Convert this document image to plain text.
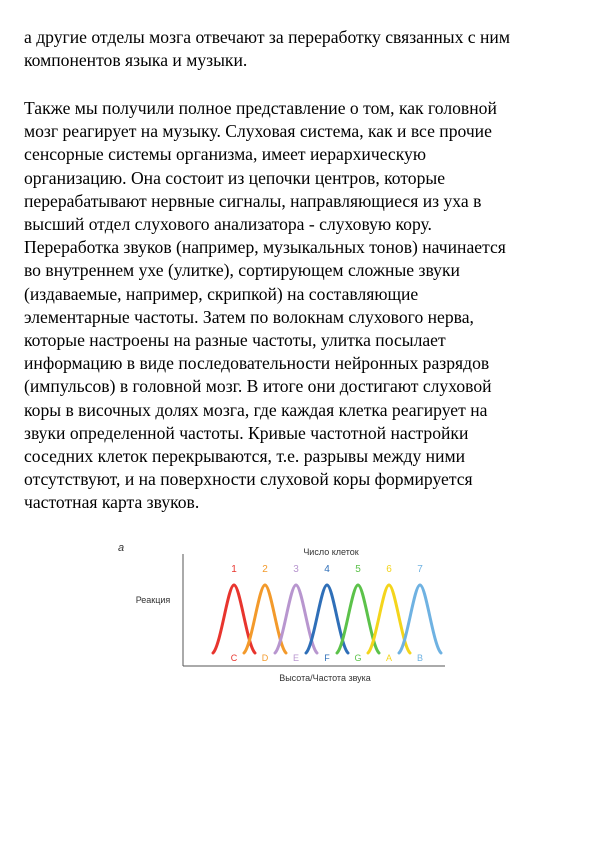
а другие отделы мозга отвечают за переработку связанных с ним
компонентов языка и музыки.
Также мы получили полное представление о том, как головной
мозг реагирует на музыку. Слуховая система, как и все прочие
сенсорные системы организма, имеет иерархическую
организацию. Она состоит из цепочки центров, которые
перерабатывают нервные сигналы, направляющиеся из уха в
высший отдел слухового анализатора - слуховую кору.
Переработка звуков (например, музыкальных тонов) начинается
во внутреннем ухе (улитке), сортирующем сложные звуки
(издаваемые, например, скрипкой) на составляющие
элементарные частоты. Затем по волокнам слухового нерва,
которые настроены на разные частоты, улитка посылает
информацию в виде последовательности нейронных разрядов
(импульсов) в головной мозг. В итоге они достигают слуховой
коры в височных долях мозга, где каждая клетка реагирует на
звуки определенной частоты. Кривые частотной настройки
соседних клеток перекрываются, т.е. разрывы между ними
отсутствуют, и на поверхности слуховой коры формируется
частотная карта звуков.
а	Число клеток
Реакция
Высота/Частота звука
1
C
2
D
3
E
4
F
5
G
6
A
7
B
